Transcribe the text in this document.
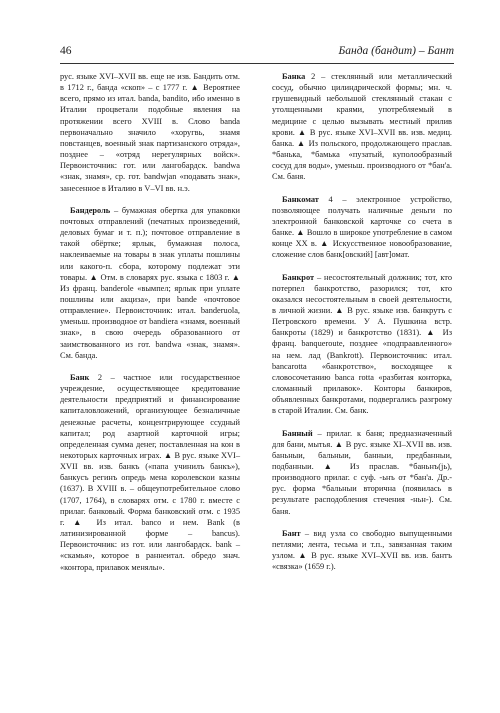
46	Банда (бандит) – Бант

рус. языке XVI–XVII вв. еще не изв. Бандить отм. в 1712 г., банда «скоп» – с 1777 г. ▲ Вероятнее всего, прямо из итал. banda, bandito, ибо именно в Италии процветали подобные явления на протяжении всего XVIII в. Слово banda первоначально значило «хоругвь, знамя повстанцев, военный знак партизанского отряда», позднее – «отряд нерегулярных войск». Первоисточник: гот. или лангобардск. bandwa «знак, знамя», ср. гот. bandwjan «подавать знак», занесенное в Италию в V–VI вв. н.э.

Бандероль – бумажная обертка для упаковки почтовых отправлений (печатных произведений, деловых бумаг и т. п.); почтовое отправление в такой обёртке; ярлык, бумажная полоса, наклеиваемые на товары в знак уплаты пошлины или какого-п. сбора, которому подлежат эти товары. ▲ Отм. в словарях рус. языка с 1803 г. ▲ Из франц. banderole «вымпел; ярлык при уплате пошлины или акциза», при bande «почтовое отправление». Первоисточник: итал. banderuola, уменьш. производное от bandiera «знамя, военный знак», в свою очередь образованного от заимствованного из гот. bandwa «знак, знамя». См. банда.

Банк 2 – частное или государственное учреждение, осуществляющее кредитование деятельности предприятий и финансирование капиталовложений, организующее безналичные денежные расчеты, концентрирующее ссудный капитал; род азартной карточной игры; определенная сумма денег, поставленная на кон в некоторых карточных играх. ▲ В рус. языке XVI–XVII вв. изв. банкъ («папа учинилъ банкъ»), банкусъ регинъ опредь мена королевскои казны (1637). В XVIII в. – общеупотребительное слово (1707, 1764), в словарях отм. с 1780 г. вместе с прилаг. банковый. Форма банковский отм. с 1935 г. ▲ Из итал. banco и нем. Bank (в латинизированной форме – bancus). Первоисточник: из гот. или лангобардск. bank – «скамья», которое в раннеитал. обредо знач. «контора, прилавок менялы».

Банка 2 – стеклянный или металлический сосуд, обычно цилиндрической формы; мн. ч. грушевидный небольшой стеклянный стакан с утолщенными краями, употребляемый в медицине с целью вызывать местный прилив крови. ▲ В рус. языке XVI–XVII вв. изв. медиц. банка. ▲ Из польского, продолжающего праслав. *банька, *бамька «пузатый, куполообразный сосуд для воды», уменьш. производного от *бан'а. См. баня.

Банкомат 4 – электронное устройство, позволяющее получать наличные деньги по электронной банковской карточке со счета в банке. ▲ Вошло в широкое употребление в самом конце XX в. ▲ Искусственное новообразование, сложение слов банк[овский] [авт]омат.

Банкрот – несостоятельный должник; тот, кто потерпел банкротство, разорился; тот, кто оказался несостоятельным в своей деятельности, в личной жизни. ▲ В рус. языке изв. банкрутъ с Петровского времени. У А. Пушкина встр. банкроты (1829) и банкротство (1831). ▲ Из франц. banqueroute, позднее «подпраавленного» на нем. лад (Bankrott). Первоисточник: итал. bancarotta «банкротство», восходящее к словосочетанию banca rotta «разбитая конторка, сломанный прилавок». Конторы банкиров, объявленных банкротами, подвергались разгрому в старой Италии. См. банк.

Банный – прилаг. к баня; предназначенный для бани, мытья. ▲ В рус. языке XI–XVII вв. изв. баньныи, бальныи, банныи, предбанныи, подбанныи. ▲ Из праслав. *баньнъ(jь), производного прилаг. с суф. -ьнъ от *бан'а. Др.-рус. форма *бальныи вторична (появилась в результате расподобления стечения -ньн-). См. баня.

Бант – вид узла со свободно выпущенными петлями; лента, тесьма и т.п., завязанная таким узлом. ▲ В рус. языке XVI–XVII вв. изв. бантъ «связка» (1659 г.).
